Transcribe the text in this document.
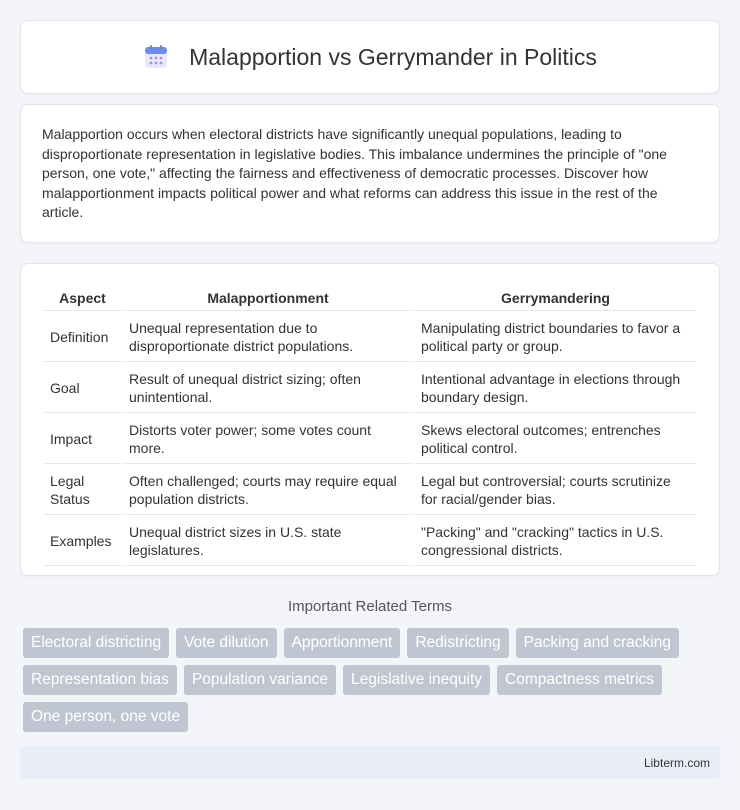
Malapportion vs Gerrymander in Politics

Malapportion occurs when electoral districts have significantly unequal populations, leading to disproportionate representation in legislative bodies. This imbalance undermines the principle of "one person, one vote," affecting the fairness and effectiveness of democratic processes. Discover how malapportionment impacts political power and what reforms can address this issue in the rest of the article.

Aspect	Malapportionment	Gerrymandering
Definition	Unequal representation due to disproportionate district populations.	Manipulating district boundaries to favor a political party or group.
Goal	Result of unequal district sizing; often unintentional.	Intentional advantage in elections through boundary design.
Impact	Distorts voter power; some votes count more.	Skews electoral outcomes; entrenches political control.
Legal Status	Often challenged; courts may require equal population districts.	Legal but controversial; courts scrutinize for racial/gender bias.
Examples	Unequal district sizes in U.S. state legislatures.	"Packing" and "cracking" tactics in U.S. congressional districts.
Important Related Terms
Electoral districting	Vote dilution	Apportionment	Redistricting	Packing and cracking
Representation bias	Population variance	Legislative inequity	Compactness metrics
One person, one vote
Libterm.com
